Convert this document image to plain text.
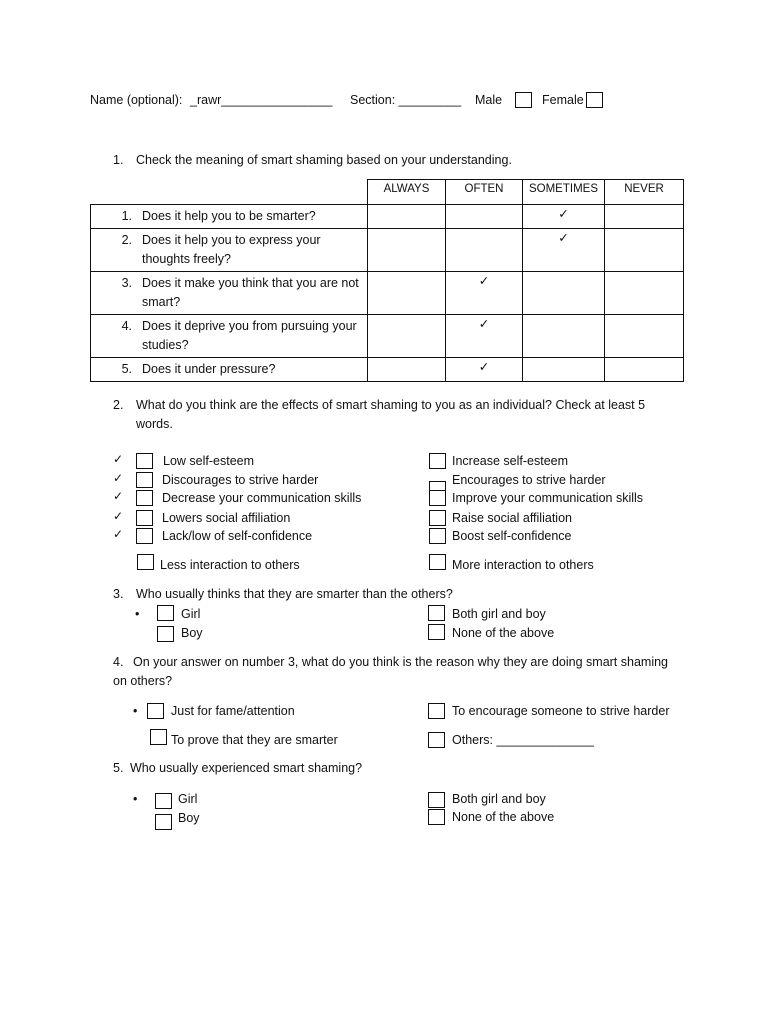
Name (optional): _rawr________________ Section: _________ Male	Female
1. Check the meaning of smart shaming based on your understanding.
	ALWAYS	OFTEN	SOMETIMES	NEVER
1. Does it help you to be smarter?			✓	
2. Does it help you to express your thoughts freely?			✓	
3. Does it make you think that you are not smart?		✓		
4. Does it deprive you from pursuing your studies?		✓		
5. Does it under pressure?		✓		
2. What do you think are the effects of smart shaming to you as an individual? Check at least 5
words.
✓	Low self-esteem
✓	Discourages to strive harder
✓	Decrease your communication skills
✓	Lowers social affiliation
✓	Lack/low of self-confidence
Less interaction to others
Increase self-esteem
Encourages to strive harder
Improve your communication skills
Raise social affiliation
Boost self-confidence
More interaction to others
3. Who usually thinks that they are smarter than the others?
•	Girl
Boy
Both girl and boy
None of the above
4. On your answer on number 3, what do you think is the reason why they are doing smart shaming
on others?
•	Just for fame/attention
To prove that they are smarter
To encourage someone to strive harder
Others: ______________
5. Who usually experienced smart shaming?
•	Girl
Boy
Both girl and boy
None of the above
